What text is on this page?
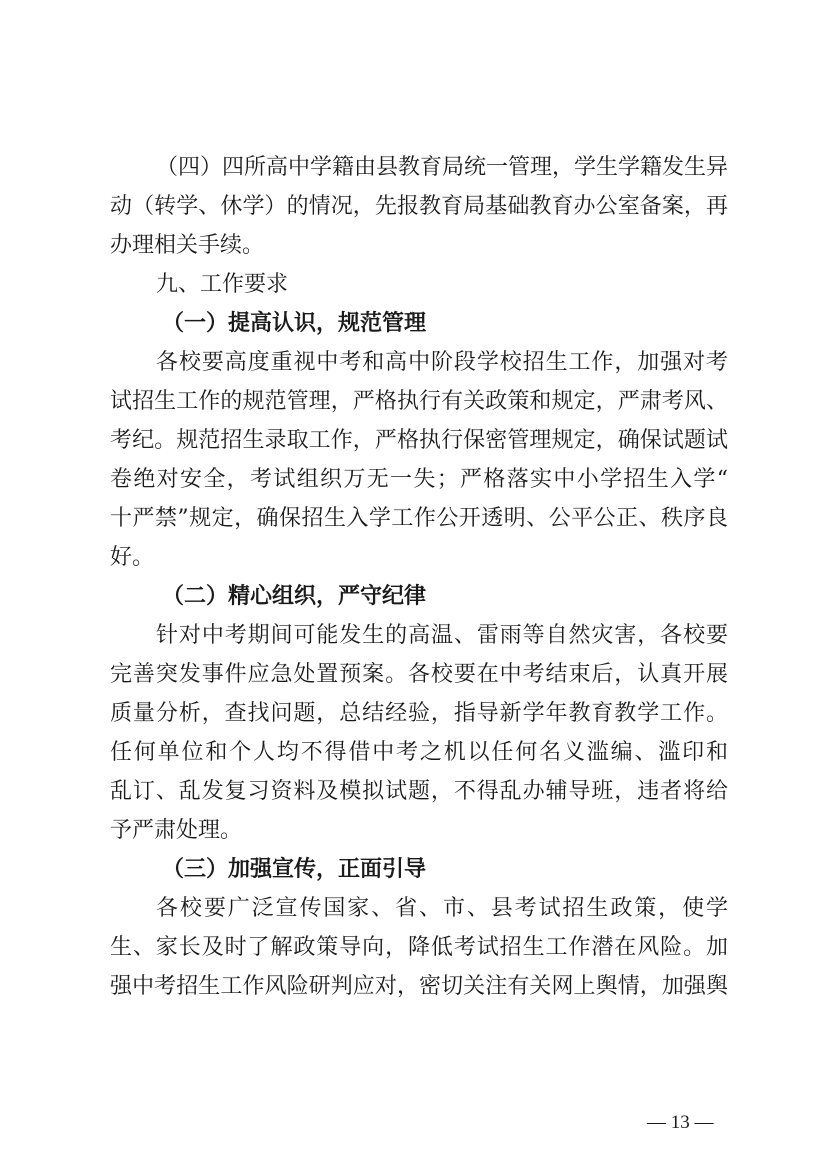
（四）四所高中学籍由县教育局统一管理，学生学籍发生异
动（转学、休学）的情况，先报教育局基础教育办公室备案，再
办理相关手续。
九、工作要求
（一）提高认识，规范管理
各校要高度重视中考和高中阶段学校招生工作，加强对考
试招生工作的规范管理，严格执行有关政策和规定，严肃考风、
考纪。规范招生录取工作，严格执行保密管理规定，确保试题试
卷绝对安全，考试组织万无一失；严格落实中小学招生入学“
十严禁”规定，确保招生入学工作公开透明、公平公正、秩序良
好。
（二）精心组织，严守纪律
针对中考期间可能发生的高温、雷雨等自然灾害，各校要
完善突发事件应急处置预案。各校要在中考结束后，认真开展
质量分析，查找问题，总结经验，指导新学年教育教学工作。
任何单位和个人均不得借中考之机以任何名义滥编、滥印和
乱订、乱发复习资料及模拟试题，不得乱办辅导班，违者将给
予严肃处理。
（三）加强宣传，正面引导
各校要广泛宣传国家、省、市、县考试招生政策，使学
生、家长及时了解政策导向，降低考试招生工作潜在风险。加
强中考招生工作风险研判应对，密切关注有关网上舆情，加强舆
— 13 —
